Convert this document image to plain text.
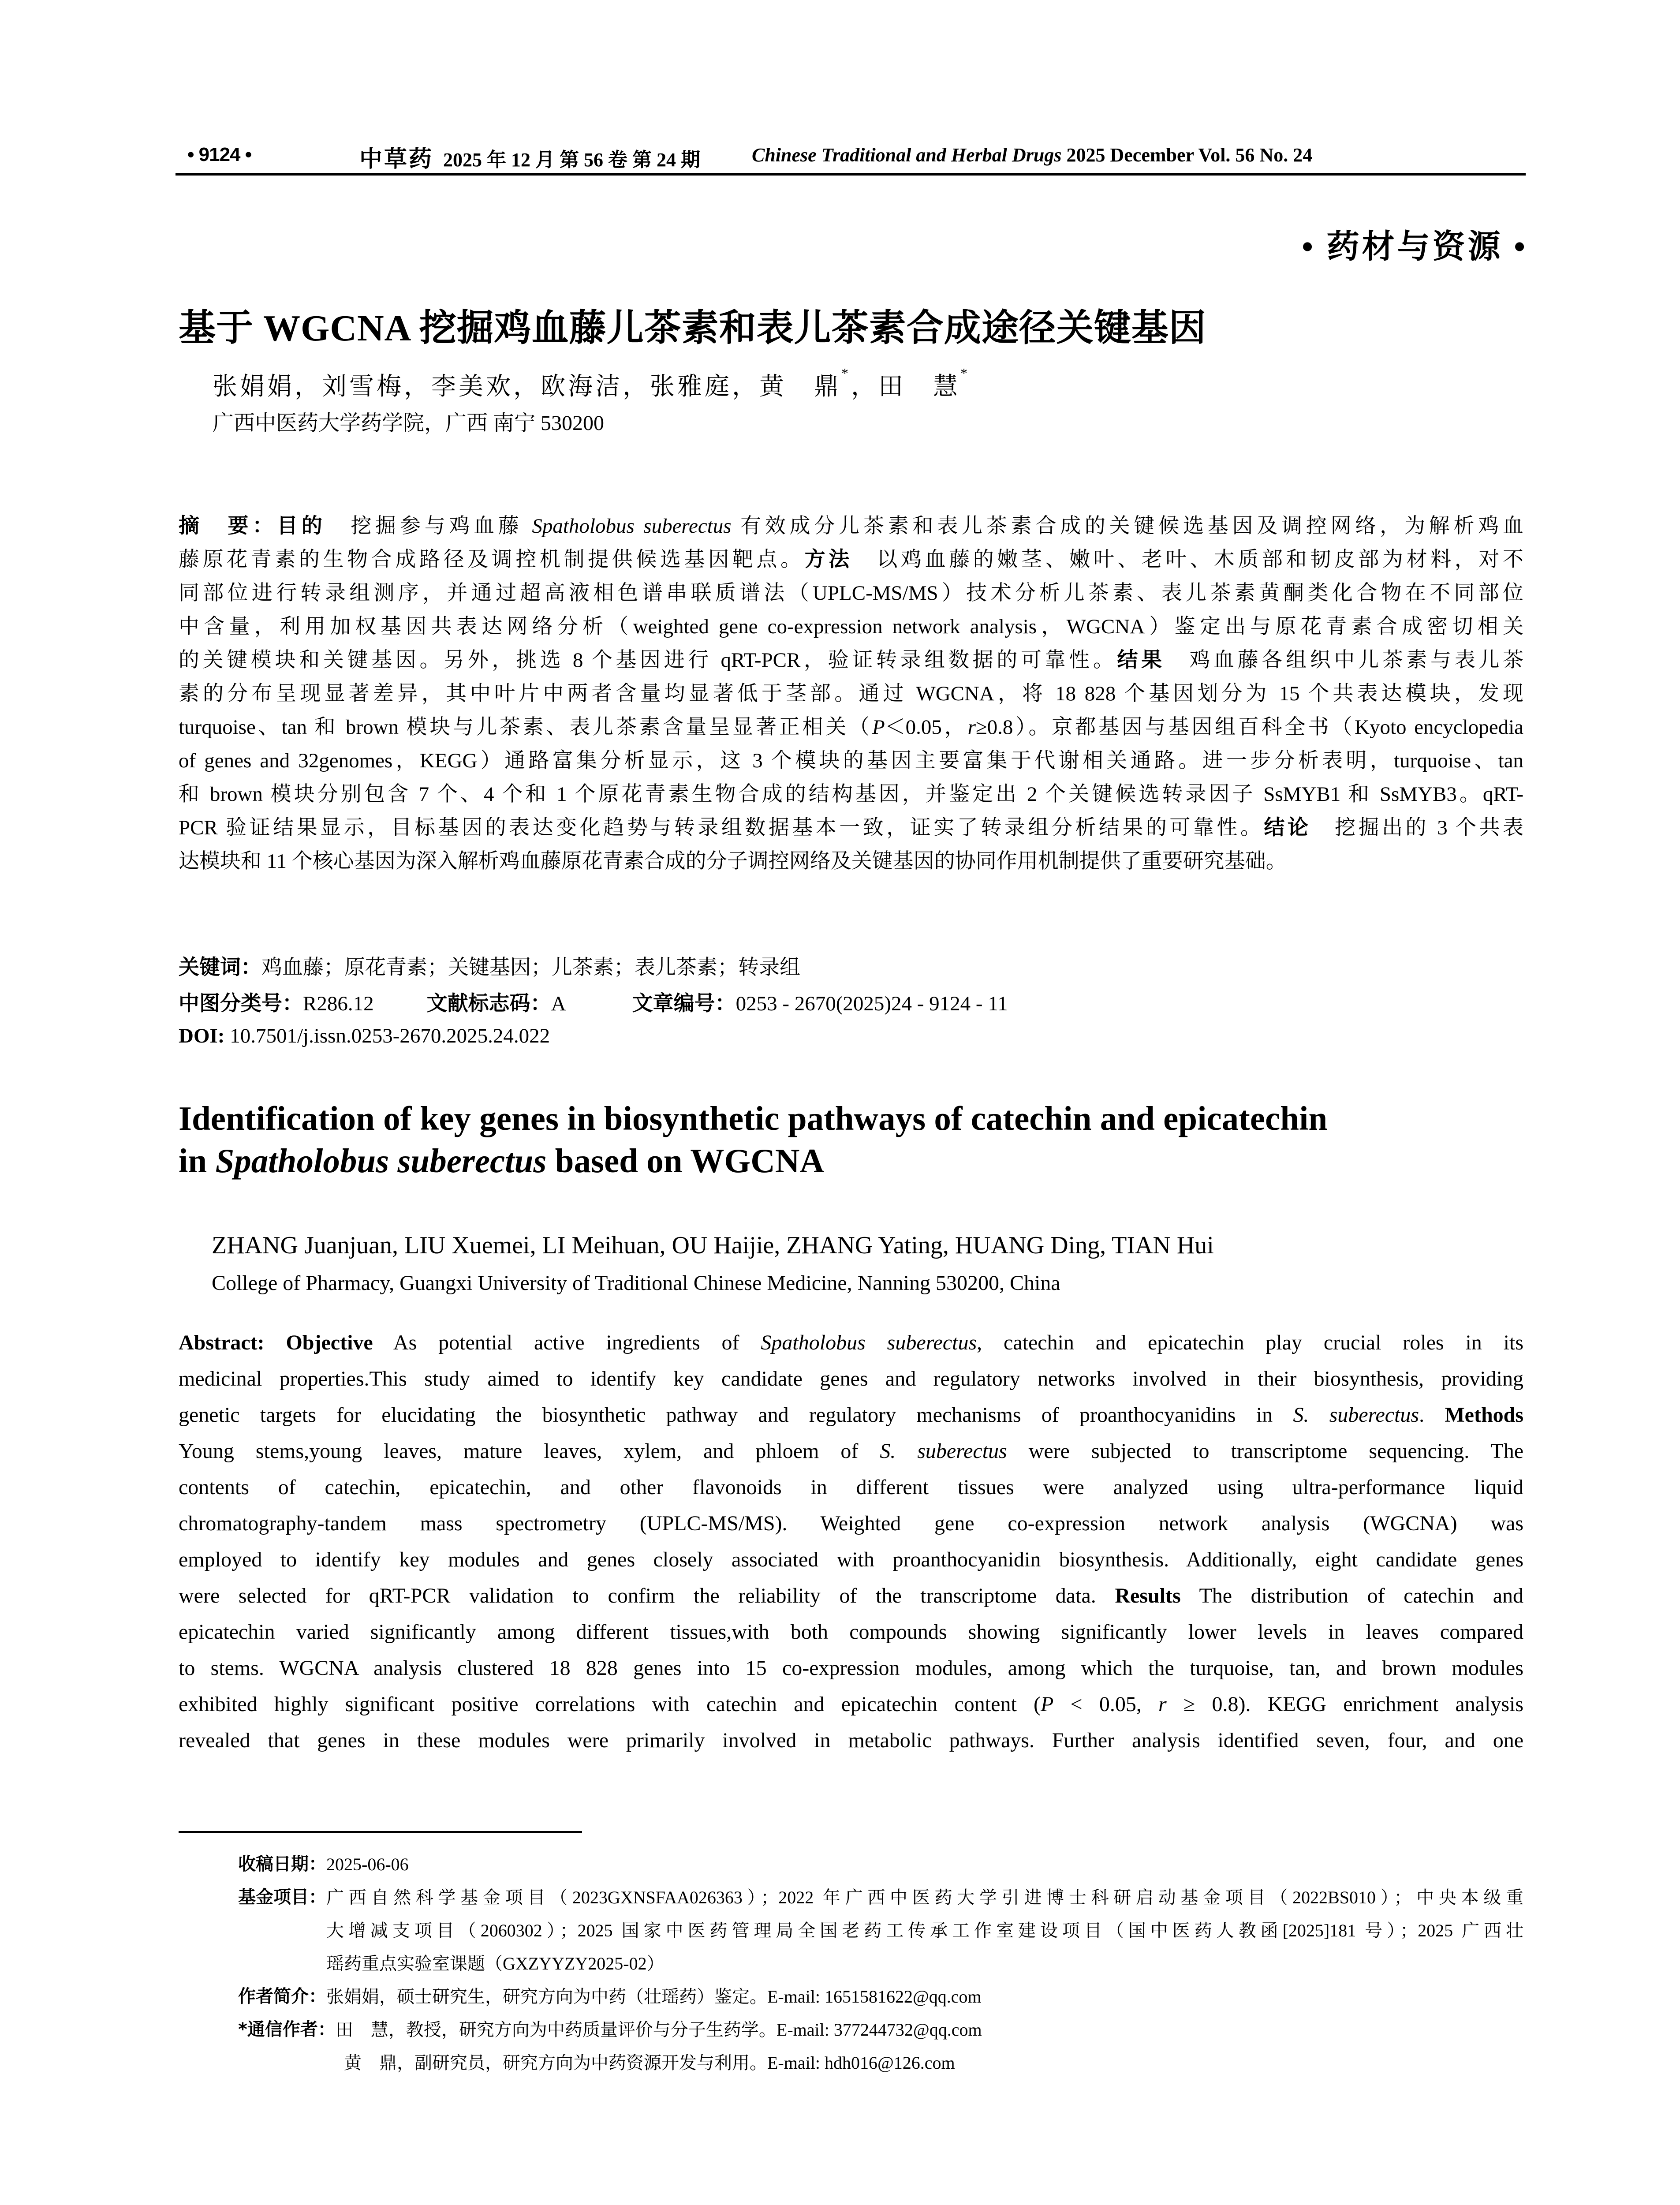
• 9124 •	中草药 2025 年 12 月 第 56 卷 第 24 期	Chinese Traditional and Herbal Drugs 2025 December Vol. 56 No. 24
• 药材与资源 •
基于 WGCNA 挖掘鸡血藤儿茶素和表儿茶素合成途径关键基因
张娟娟，刘雪梅，李美欢，欧海洁，张雅庭，黄　鼎*，田　慧*
广西中医药大学药学院，广西 南宁 530200
摘　要：目的　挖掘参与鸡血藤 Spatholobus suberectus 有效成分儿茶素和表儿茶素合成的关键候选基因及调控网络，为解析鸡血
藤原花青素的生物合成路径及调控机制提供候选基因靶点。方法　以鸡血藤的嫩茎、嫩叶、老叶、木质部和韧皮部为材料，对不
同部位进行转录组测序，并通过超高液相色谱串联质谱法（UPLC-MS/MS）技术分析儿茶素、表儿茶素黄酮类化合物在不同部位
中含量，利用加权基因共表达网络分析（weighted gene co-expression network analysis，WGCNA）鉴定出与原花青素合成密切相关
的关键模块和关键基因。另外，挑选 8 个基因进行 qRT-PCR，验证转录组数据的可靠性。结果　鸡血藤各组织中儿茶素与表儿茶
素的分布呈现显著差异，其中叶片中两者含量均显著低于茎部。通过 WGCNA，将 18 828 个基因划分为 15 个共表达模块，发现
turquoise、tan 和 brown 模块与儿茶素、表儿茶素含量呈显著正相关（P＜0.05，r≥0.8）。京都基因与基因组百科全书（Kyoto encyclopedia
of genes and 32genomes，KEGG）通路富集分析显示，这 3 个模块的基因主要富集于代谢相关通路。进一步分析表明，turquoise、tan
和 brown 模块分别包含 7 个、4 个和 1 个原花青素生物合成的结构基因，并鉴定出 2 个关键候选转录因子 SsMYB1 和 SsMYB3。qRT-
PCR 验证结果显示，目标基因的表达变化趋势与转录组数据基本一致，证实了转录组分析结果的可靠性。结论　挖掘出的 3 个共表
达模块和 11 个核心基因为深入解析鸡血藤原花青素合成的分子调控网络及关键基因的协同作用机制提供了重要研究基础。
关键词：鸡血藤；原花青素；关键基因；儿茶素；表儿茶素；转录组
中图分类号：R286.12	文献标志码：A	文章编号：0253 - 2670(2025)24 - 9124 - 11
DOI: 10.7501/j.issn.0253-2670.2025.24.022
Identification of key genes in biosynthetic pathways of catechin and epicatechin
in Spatholobus suberectus based on WGCNA
ZHANG Juanjuan, LIU Xuemei, LI Meihuan, OU Haijie, ZHANG Yating, HUANG Ding, TIAN Hui
College of Pharmacy, Guangxi University of Traditional Chinese Medicine, Nanning 530200, China
Abstract: Objective As potential active ingredients of Spatholobus suberectus, catechin and epicatechin play crucial roles in its
medicinal properties.This study aimed to identify key candidate genes and regulatory networks involved in their biosynthesis, providing
genetic targets for elucidating the biosynthetic pathway and regulatory mechanisms of proanthocyanidins in S. suberectus. Methods
Young stems,young leaves, mature leaves, xylem, and phloem of S. suberectus were subjected to transcriptome sequencing. The
contents of catechin, epicatechin, and other flavonoids in different tissues were analyzed using ultra-performance liquid
chromatography-tandem mass spectrometry (UPLC-MS/MS). Weighted gene co-expression network analysis (WGCNA) was
employed to identify key modules and genes closely associated with proanthocyanidin biosynthesis. Additionally, eight candidate genes
were selected for qRT-PCR validation to confirm the reliability of the transcriptome data. Results The distribution of catechin and
epicatechin varied significantly among different tissues,with both compounds showing significantly lower levels in leaves compared
to stems. WGCNA analysis clustered 18 828 genes into 15 co-expression modules, among which the turquoise, tan, and brown modules
exhibited highly significant positive correlations with catechin and epicatechin content (P < 0.05, r ≥ 0.8). KEGG enrichment analysis
revealed that genes in these modules were primarily involved in metabolic pathways. Further analysis identified seven, four, and one
收稿日期： 2025-06-06
基金项目： 广西自然科学基金项目（2023GXNSFAA026363）；2022 年广西中医药大学引进博士科研启动基金项目（2022BS010）；中央本级重
大增减支项目（2060302）；2025 国家中医药管理局全国老药工传承工作室建设项目（国中医药人教函[2025]181 号）；2025 广西壮
瑶药重点实验室课题（GXZYYZY2025-02）
作者简介： 张娟娟，硕士研究生，研究方向为中药（壮瑶药）鉴定。E-mail: 1651581622@qq.com
*通信作者： 田　慧，教授，研究方向为中药质量评价与分子生药学。E-mail: 377244732@qq.com
黄　鼎，副研究员，研究方向为中药资源开发与利用。E-mail: hdh016@126.com
